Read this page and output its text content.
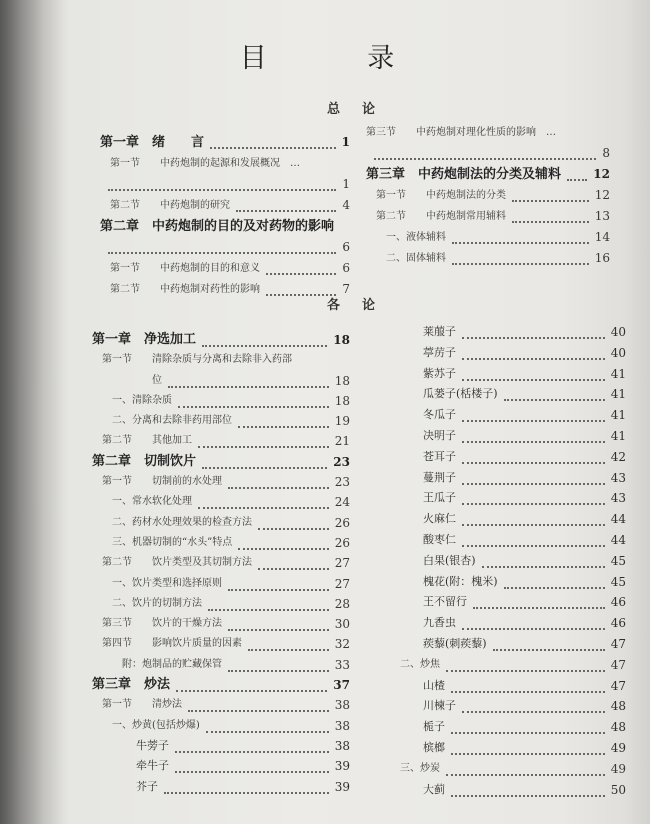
目 录
总论
第一章　绪　　言	1
　第一节　　中药炮制的起源和发展概况　…
1
　第二节　　中药炮制的研究	4
第二章　中药炮制的目的及对药物的影响
6
　第一节　　中药炮制的目的和意义	6
　第二节　　中药炮制对药性的影响	7
第三节　　中药炮制对理化性质的影响　…
8
第三章　中药炮制法的分类及辅料	12
　第一节　　中药炮制法的分类	12
　第二节　　中药炮制常用辅料	13
　　一、液体辅料	14
　　二、固体辅料	16
各论
第一章　净选加工	18
　第一节　　清除杂质与分离和去除非入药部
　　　　　　位	18
　　一、清除杂质	18
　　二、分离和去除非药用部位	19
　第二节　　其他加工	21
第二章　切制饮片	23
　第一节　　切制前的水处理	23
　　一、常水软化处理	24
　　二、药材水处理效果的检查方法	26
　　三、机器切制的“水头”特点	26
　第二节　　饮片类型及其切制方法	27
　　一、饮片类型和选择原则	27
　　二、饮片的切制方法	28
　第三节　　饮片的干燥方法	30
　第四节　　影响饮片质量的因素	32
　　　附：炮制品的贮藏保管	33
第三章　炒法	37
　第一节　　清炒法	38
　　一、炒黄(包括炒爆)	38
　　　　牛蒡子	38
　　　　牵牛子	39
　　　　芥子	39
　　　莱菔子	40
　　　葶苈子	40
　　　紫苏子	41
　　　瓜蒌子(栝楼子)	41
　　　冬瓜子	41
　　　决明子	41
　　　苍耳子	42
　　　蔓荆子	43
　　　王瓜子	43
　　　火麻仁	44
　　　酸枣仁	44
　　　白果(银杏)	45
　　　槐花(附：槐米)	45
　　　王不留行	46
　　　九香虫	46
　　　蒺藜(刺蒺藜)	47
　二、炒焦	47
　　　山楂	47
　　　川楝子	48
　　　栀子	48
　　　槟榔	49
　三、炒炭	49
　　　大蓟	50
